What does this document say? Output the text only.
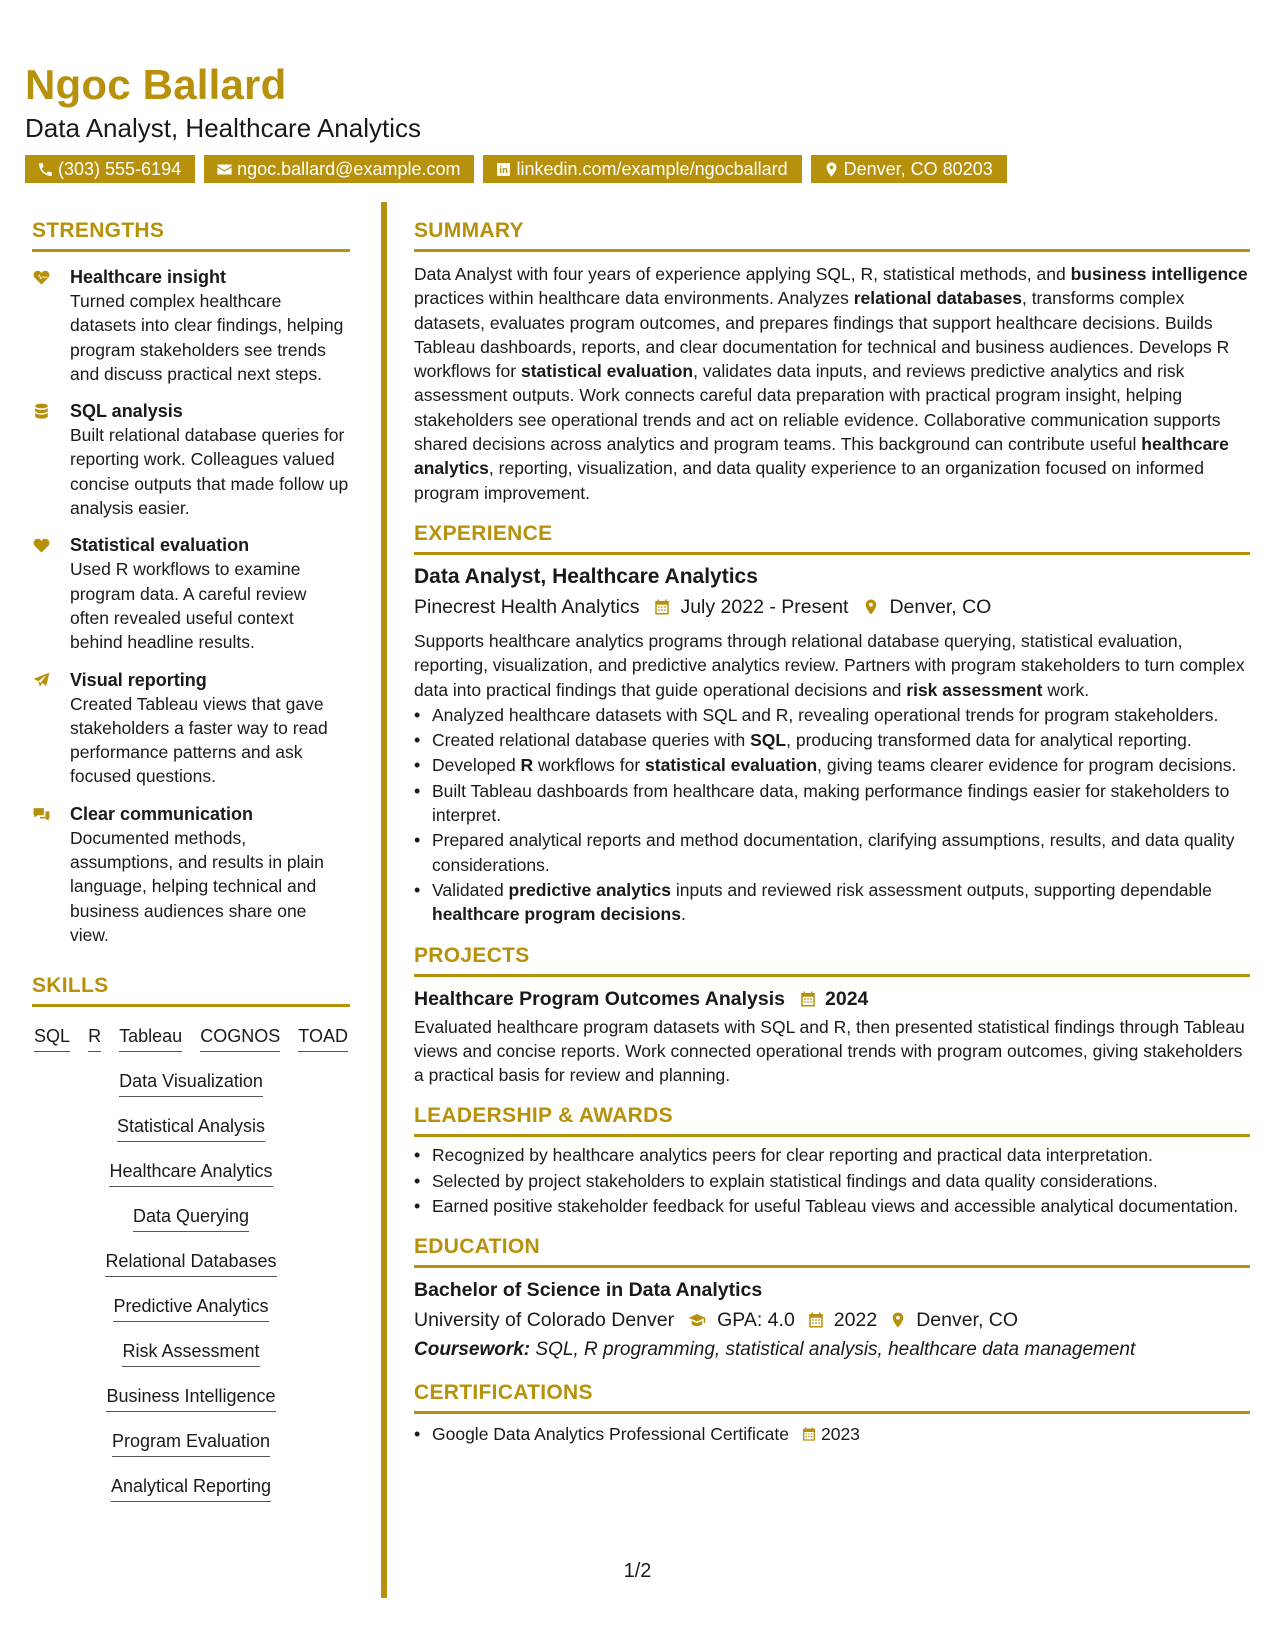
Ngoc Ballard
Data Analyst, Healthcare Analytics
(303) 555-6194	ngoc.ballard@example.com	linkedin.com/example/ngocballard	Denver, CO 80203
STRENGTHS
Healthcare insight
Turned complex healthcare datasets into clear findings, helping program stakeholders see trends and discuss practical next steps.
SQL analysis
Built relational database queries for reporting work. Colleagues valued concise outputs that made follow up analysis easier.
Statistical evaluation
Used R workflows to examine program data. A careful review often revealed useful context behind headline results.
Visual reporting
Created Tableau views that gave stakeholders a faster way to read performance patterns and ask focused questions.
Clear communication
Documented methods, assumptions, and results in plain language, helping technical and business audiences share one view.
SKILLS
SQL R Tableau COGNOS TOAD
Data Visualization
Statistical Analysis
Healthcare Analytics
Data Querying
Relational Databases
Predictive Analytics
Risk Assessment
Business Intelligence
Program Evaluation
Analytical Reporting
SUMMARY
Data Analyst with four years of experience applying SQL, R, statistical methods, and business intelligence practices within healthcare data environments. Analyzes relational databases, transforms complex datasets, evaluates program outcomes, and prepares findings that support healthcare decisions. Builds Tableau dashboards, reports, and clear documentation for technical and business audiences. Develops R workflows for statistical evaluation, validates data inputs, and reviews predictive analytics and risk assessment outputs. Work connects careful data preparation with practical program insight, helping stakeholders see operational trends and act on reliable evidence. Collaborative communication supports shared decisions across analytics and program teams. This background can contribute useful healthcare analytics, reporting, visualization, and data quality experience to an organization focused on informed program improvement.
EXPERIENCE
Data Analyst, Healthcare Analytics
Pinecrest Health Analytics July 2022 - Present Denver, CO
Supports healthcare analytics programs through relational database querying, statistical evaluation, reporting, visualization, and predictive analytics review. Partners with program stakeholders to turn complex data into practical findings that guide operational decisions and risk assessment work.
• Analyzed healthcare datasets with SQL and R, revealing operational trends for program stakeholders.
• Created relational database queries with SQL, producing transformed data for analytical reporting.
• Developed R workflows for statistical evaluation, giving teams clearer evidence for program decisions.
• Built Tableau dashboards from healthcare data, making performance findings easier for stakeholders to interpret.
• Prepared analytical reports and method documentation, clarifying assumptions, results, and data quality considerations.
• Validated predictive analytics inputs and reviewed risk assessment outputs, supporting dependable healthcare program decisions.
PROJECTS
Healthcare Program Outcomes Analysis 2024
Evaluated healthcare program datasets with SQL and R, then presented statistical findings through Tableau views and concise reports. Work connected operational trends with program outcomes, giving stakeholders a practical basis for review and planning.
LEADERSHIP & AWARDS
• Recognized by healthcare analytics peers for clear reporting and practical data interpretation.
• Selected by project stakeholders to explain statistical findings and data quality considerations.
• Earned positive stakeholder feedback for useful Tableau views and accessible analytical documentation.
EDUCATION
Bachelor of Science in Data Analytics
University of Colorado Denver GPA: 4.0 2022 Denver, CO
Coursework: SQL, R programming, statistical analysis, healthcare data management
CERTIFICATIONS
• Google Data Analytics Professional Certificate 2023
1/2
